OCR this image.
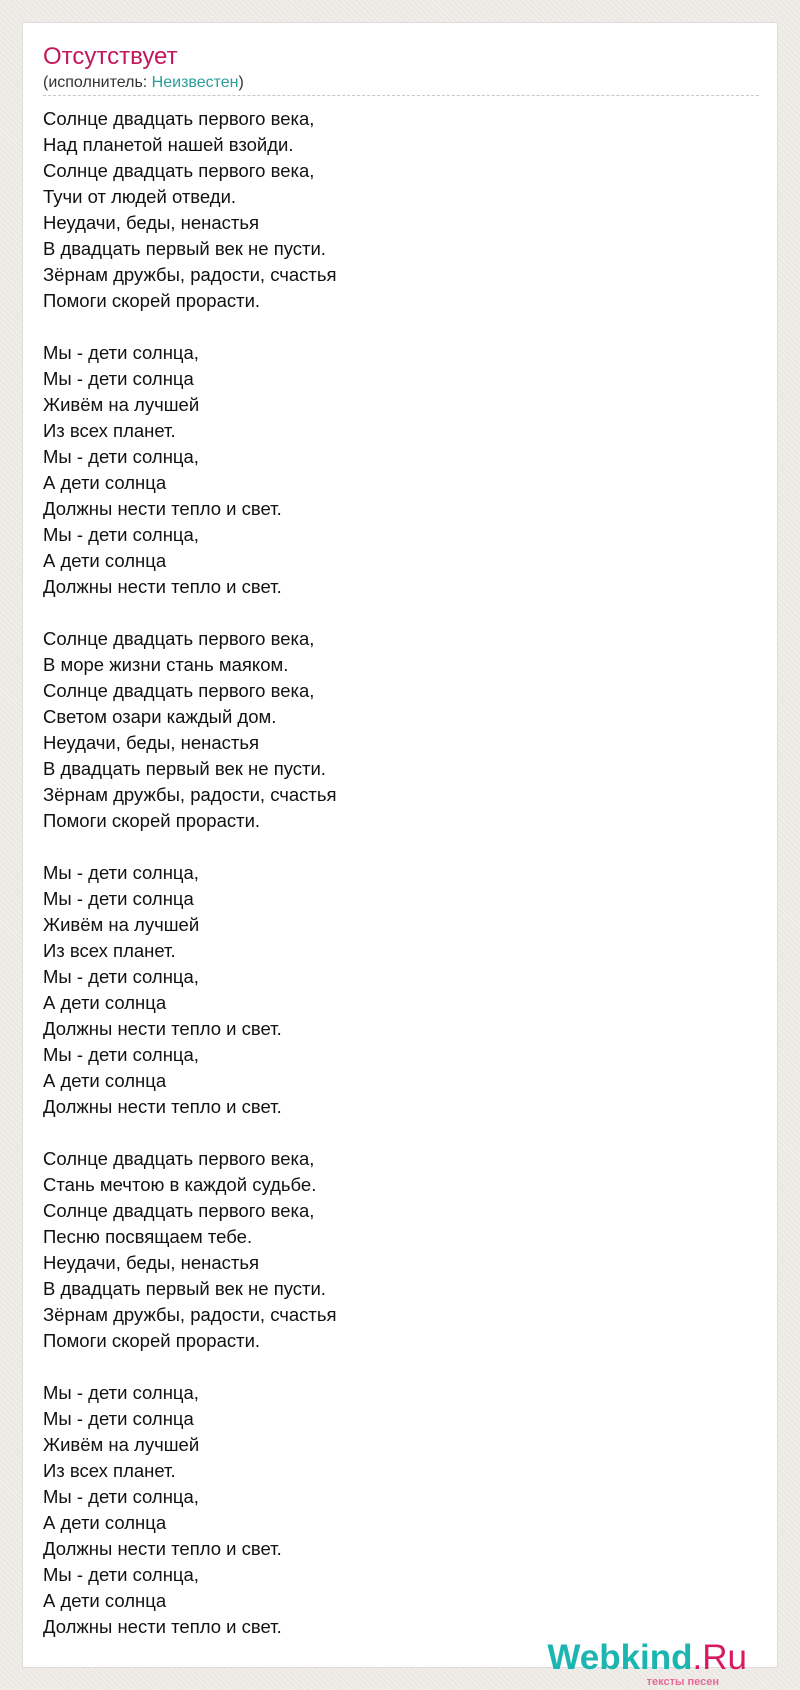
Отсутствует
(исполнитель: Неизвестен)
Солнце двадцать первого века,
Над планетой нашей взойди.
Солнце двадцать первого века,
Тучи от людей отведи.
Неудачи, беды, ненастья
В двадцать первый век не пусти.
Зёрнам дружбы, радости, счастья
Помоги скорей прорасти.
Мы - дети солнца,
Мы - дети солнца
Живём на лучшей
Из всех планет.
Мы - дети солнца,
А дети солнца
Должны нести тепло и свет.
Мы - дети солнца,
А дети солнца
Должны нести тепло и свет.
Солнце двадцать первого века,
В море жизни стань маяком.
Солнце двадцать первого века,
Светом озари каждый дом.
Неудачи, беды, ненастья
В двадцать первый век не пусти.
Зёрнам дружбы, радости, счастья
Помоги скорей прорасти.
Мы - дети солнца,
Мы - дети солнца
Живём на лучшей
Из всех планет.
Мы - дети солнца,
А дети солнца
Должны нести тепло и свет.
Мы - дети солнца,
А дети солнца
Должны нести тепло и свет.
Солнце двадцать первого века,
Стань мечтою в каждой судьбе.
Солнце двадцать первого века,
Песню посвящаем тебе.
Неудачи, беды, ненастья
В двадцать первый век не пусти.
Зёрнам дружбы, радости, счастья
Помоги скорей прорасти.
Мы - дети солнца,
Мы - дети солнца
Живём на лучшей
Из всех планет.
Мы - дети солнца,
А дети солнца
Должны нести тепло и свет.
Мы - дети солнца,
А дети солнца
Должны нести тепло и свет.
Webkind.Ru
тексты песен
